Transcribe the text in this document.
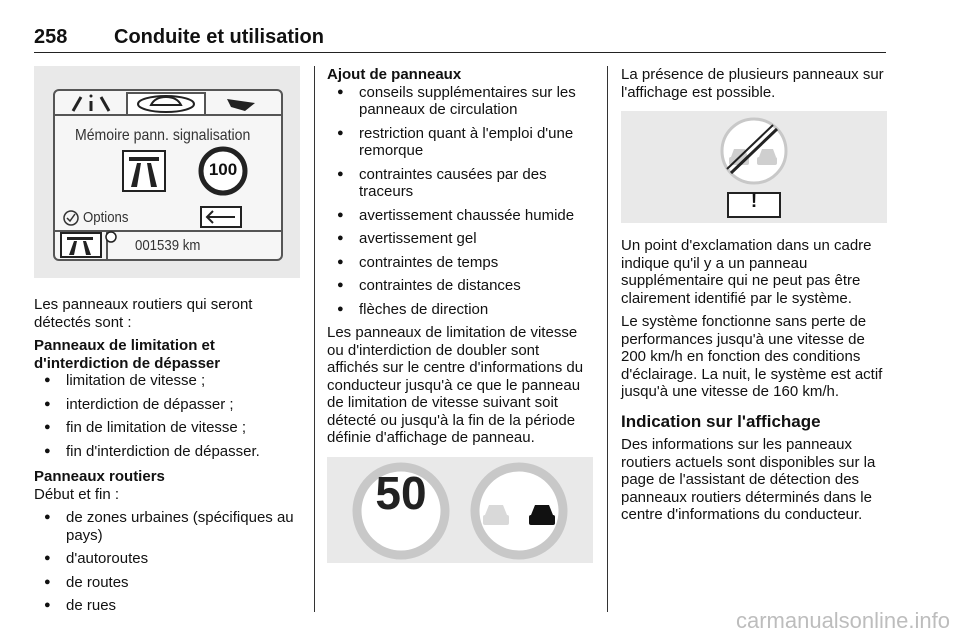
258 Conduite et utilisation
Mémoire pann. signalisation
100
Options
001539 km

Les panneaux routiers qui seront détectés sont :

Panneaux de limitation et d'interdiction de dépasser

● limitation de vitesse ;
● interdiction de dépasser ;
● fin de limitation de vitesse ;
● fin d'interdiction de dépasser.

Panneaux routiers

Début et fin :

● de zones urbaines (spécifiques au pays)
● d'autoroutes
● de routes
● de rues

Ajout de panneaux

● conseils supplémentaires sur les panneaux de circulation
● restriction quant à l'emploi d'une remorque
● contraintes causées par des traceurs
● avertissement chaussée humide
● avertissement gel
● contraintes de temps
● contraintes de distances
● flèches de direction

Les panneaux de limitation de vitesse ou d'interdiction de doubler sont affichés sur le centre d'informations du conducteur jusqu'à ce que le panneau de limitation de vitesse suivant soit détecté ou jusqu'à la fin de la période définie d'affichage de panneau.

50

La présence de plusieurs panneaux sur l'affichage est possible.

!

Un point d'exclamation dans un cadre indique qu'il y a un panneau supplémentaire qui ne peut pas être clairement identifié par le système.

Le système fonctionne sans perte de performances jusqu'à une vitesse de 200 km/h en fonction des conditions d'éclairage. La nuit, le système est actif jusqu'à une vitesse de 160 km/h.

Indication sur l'affichage

Des informations sur les panneaux routiers actuels sont disponibles sur la page de l'assistant de détection des panneaux routiers déterminés dans le centre d'informations du conducteur.

carmanualsonline.info
